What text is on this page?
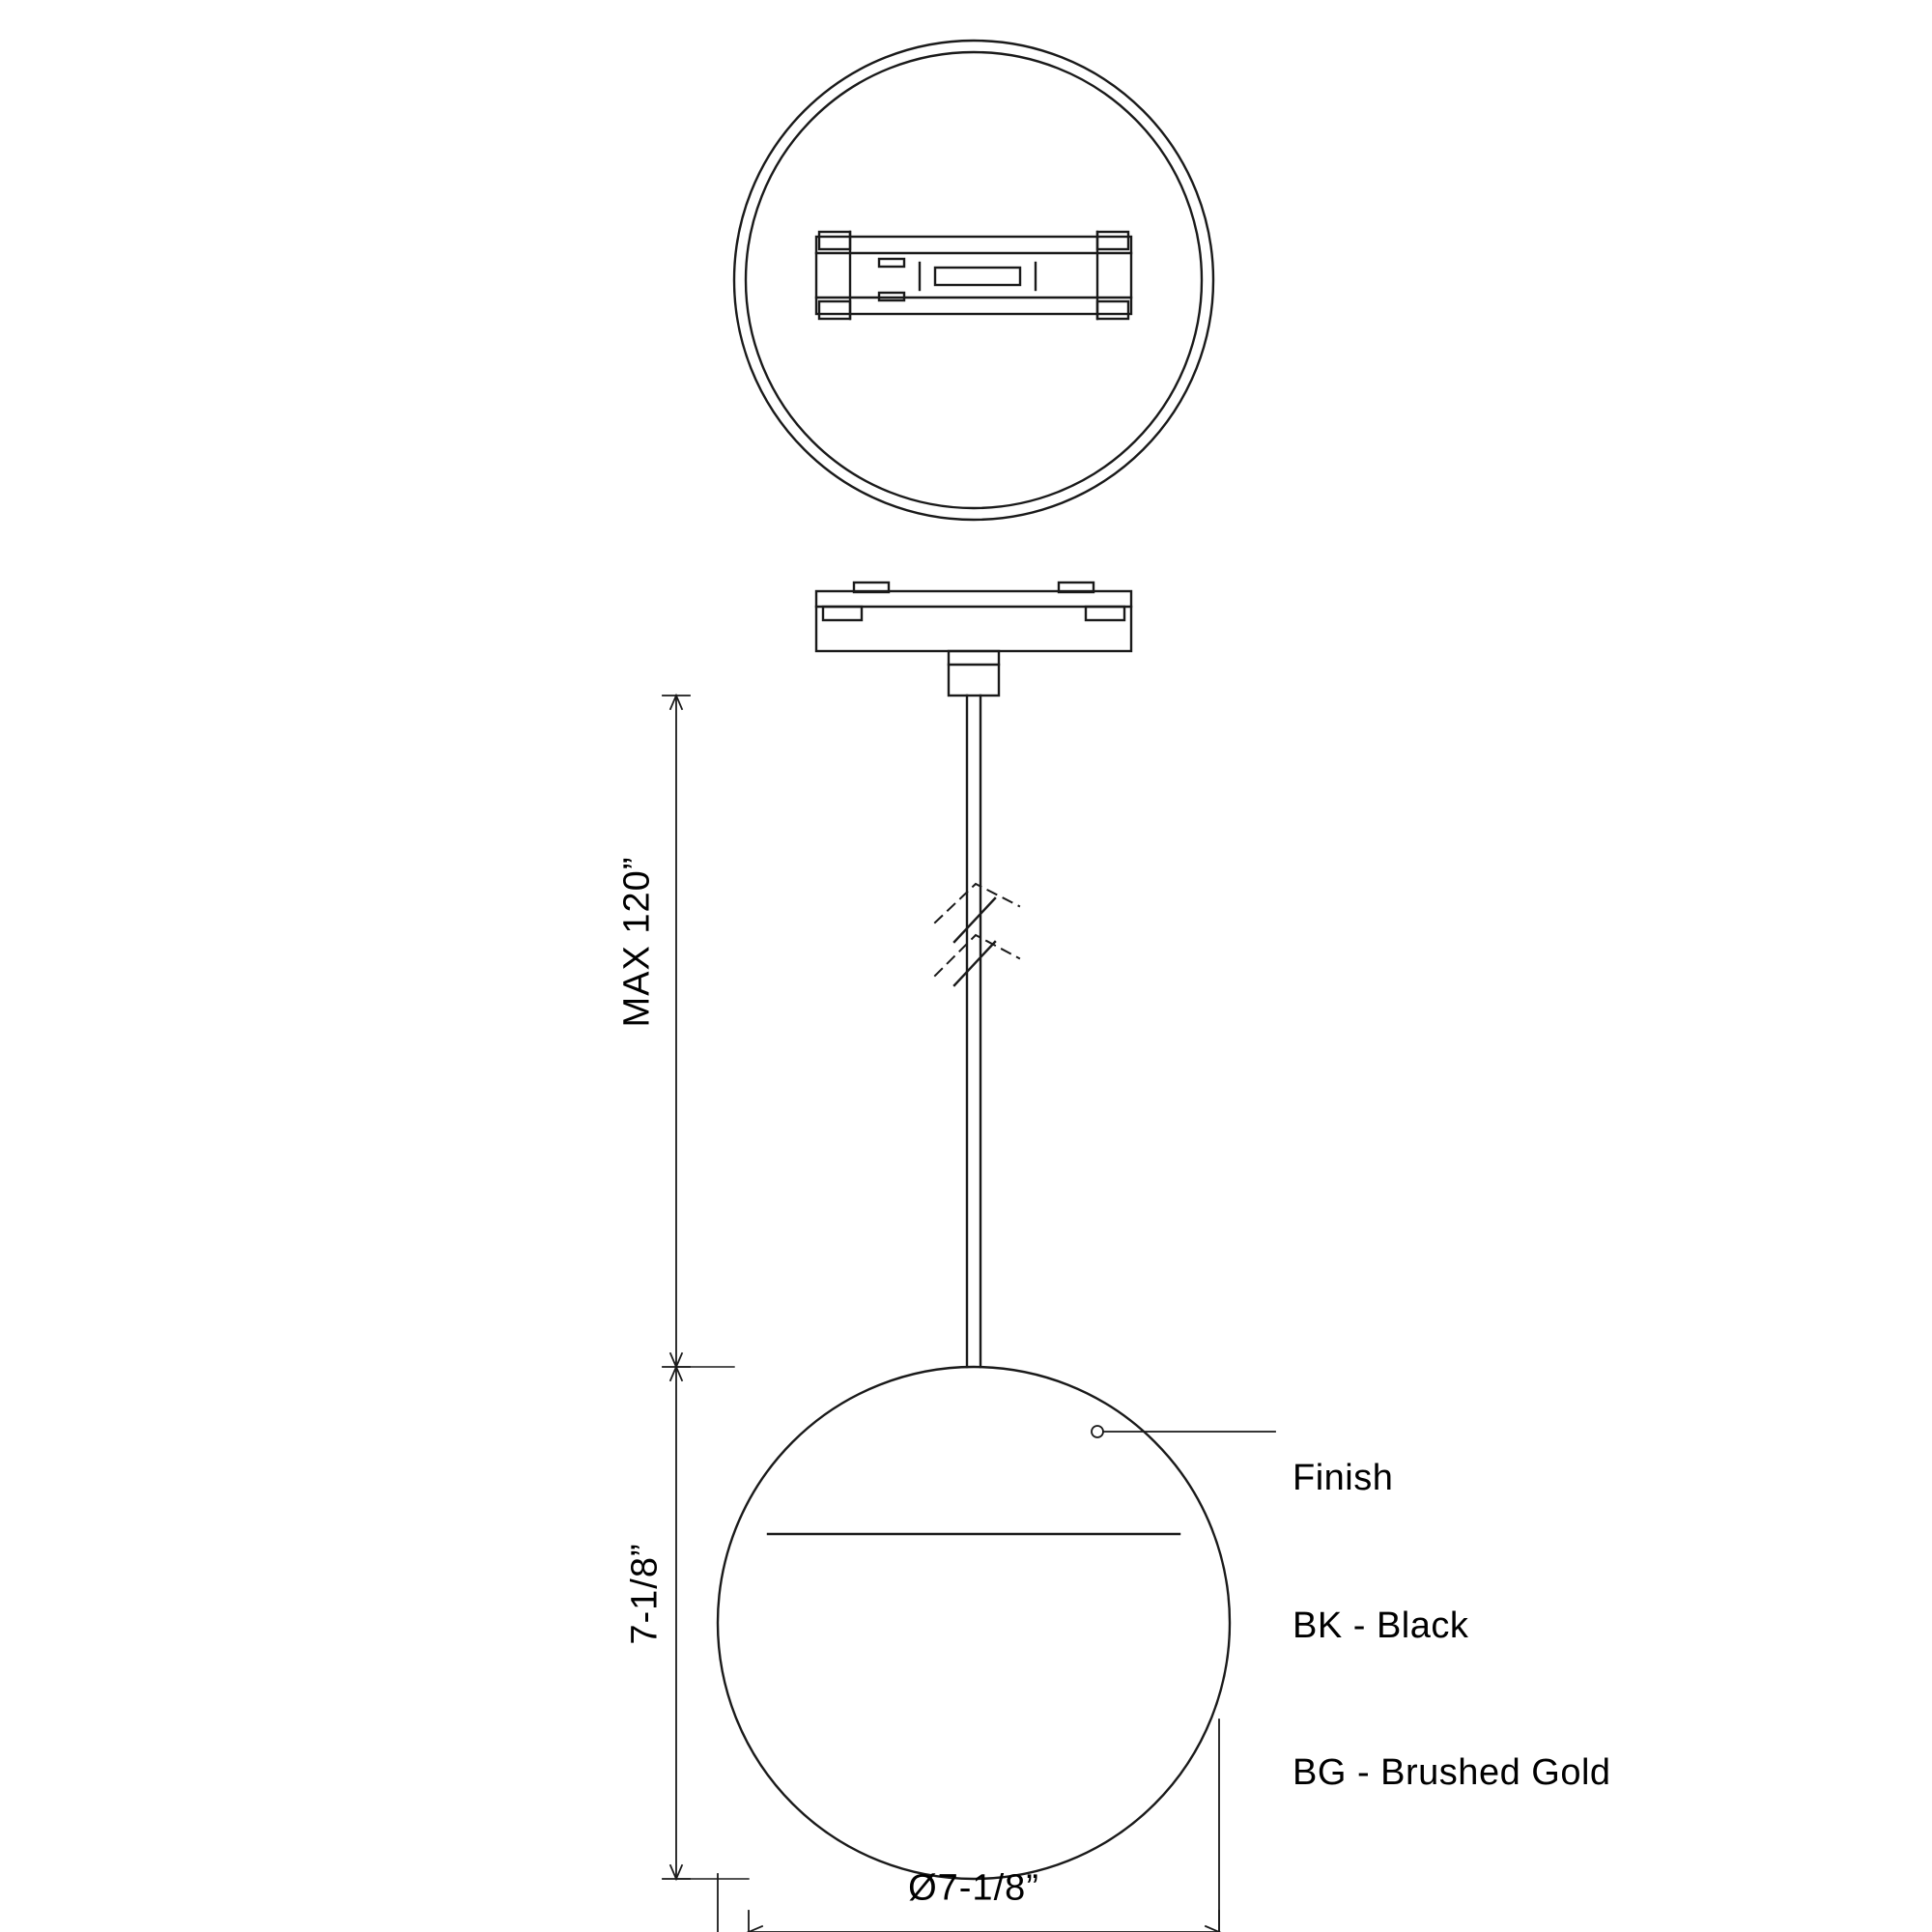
MAX 120”
7-1/8”
Ø7-1/8”

Finish

BK - Black

BG - Brushed Gold
